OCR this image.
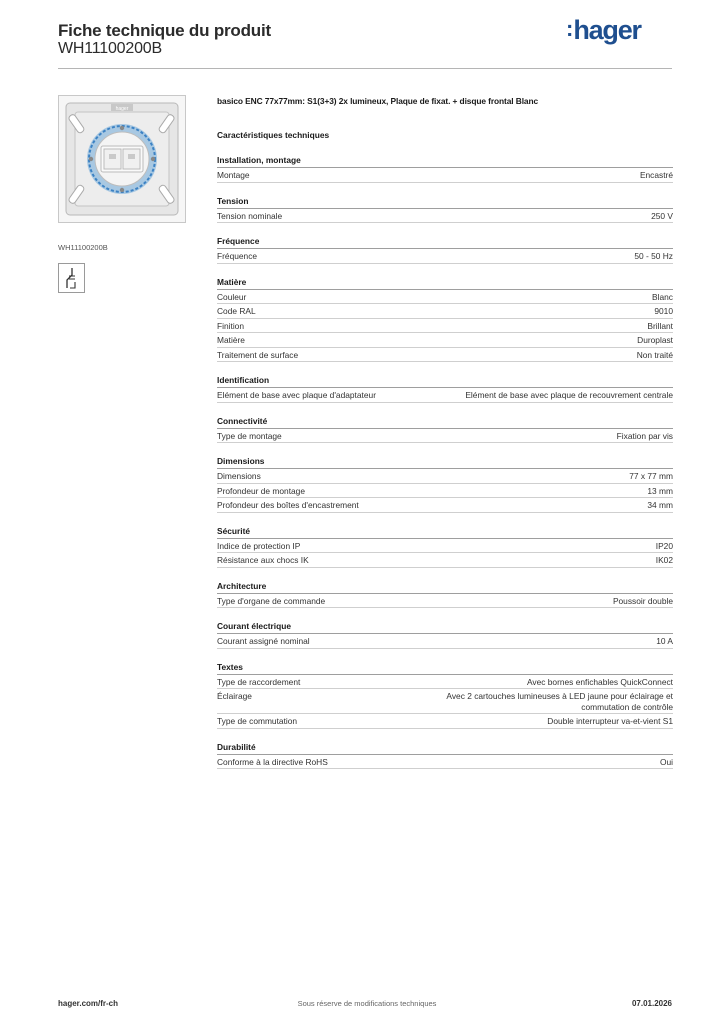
Fiche technique du produit
WH11100200B
:hager
hager
WH11100200B
basico ENC 77x77mm: S1(3+3) 2x lumineux, Plaque de fixat. + disque frontal Blanc
Caractéristiques techniques
Installation, montage
Montage	Encastré
Tension
Tension nominale	250 V
Fréquence
Fréquence	50 - 50 Hz
Matière
Couleur	Blanc
Code RAL	9010
Finition	Brillant
Matière	Duroplast
Traitement de surface	Non traité
Identification
Elément de base avec plaque d'adaptateur	Elément de base avec plaque de recouvrement centrale
Connectivité
Type de montage	Fixation par vis
Dimensions
Dimensions	77 x 77 mm
Profondeur de montage	13 mm
Profondeur des boîtes d'encastrement	34 mm
Sécurité
Indice de protection IP	IP20
Résistance aux chocs IK	IK02
Architecture
Type d'organe de commande	Poussoir double
Courant électrique
Courant assigné nominal	10 A
Textes
Type de raccordement	Avec bornes enfichables QuickConnect
Éclairage	Avec 2 cartouches lumineuses à LED jaune pour éclairage et commutation de contrôle
Type de commutation	Double interrupteur va-et-vient S1
Durabilité
Conforme à la directive RoHS	Oui
hager.com/fr-ch	Sous réserve de modifications techniques	07.01.2026
